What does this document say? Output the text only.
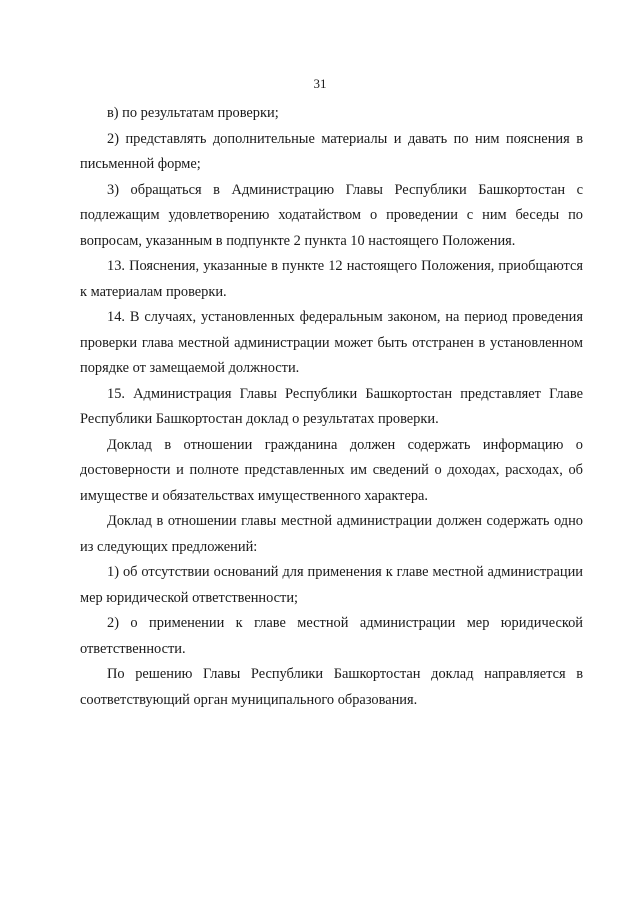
31

в) по результатам проверки;

2) представлять дополнительные материалы и давать по ним пояснения в письменной форме;

3) обращаться в Администрацию Главы Республики Башкортостан с подлежащим удовлетворению ходатайством о проведении с ним беседы по вопросам, указанным в подпункте 2 пункта 10 настоящего Положения.

13. Пояснения, указанные в пункте 12 настоящего Положения, приобщаются к материалам проверки.

14. В случаях, установленных федеральным законом, на период проведения проверки глава местной администрации может быть отстранен в установленном порядке от замещаемой должности.

15. Администрация Главы Республики Башкортостан представляет Главе Республики Башкортостан доклад о результатах проверки.

Доклад в отношении гражданина должен содержать информацию о достоверности и полноте представленных им сведений о доходах, расходах, об имуществе и обязательствах имущественного характера.

Доклад в отношении главы местной администрации должен содержать одно из следующих предложений:

1) об отсутствии оснований для применения к главе местной администрации мер юридической ответственности;

2) о применении к главе местной администрации мер юридической ответственности.

По решению Главы Республики Башкортостан доклад направляется в соответствующий орган муниципального образования.
